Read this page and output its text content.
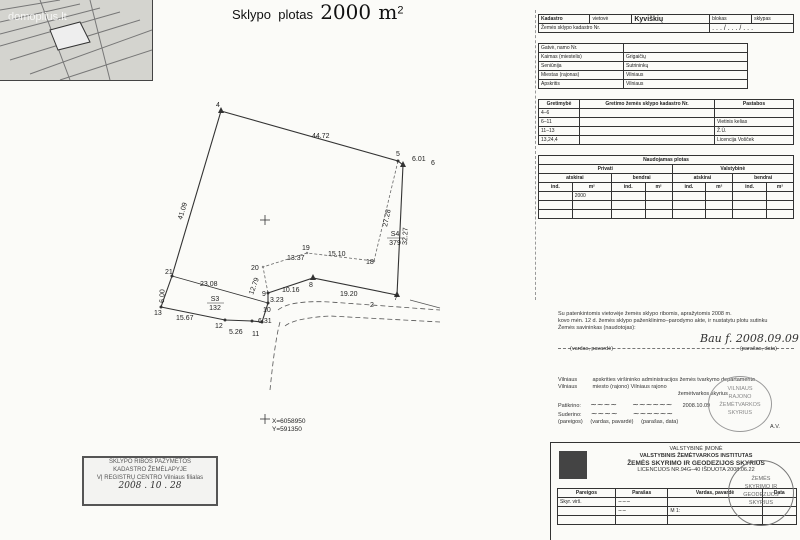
Sklypo plotas 2000 $m^2$
domoplius.lt
4
5
6
7
8
9
10
11
12
13
18
19
20
21
2
44.72
41.09
6.01
32.27
27.28
15.10
13.37
19.20
10.16
3.23
6.31
5.26
15.67
6.00
23.08	12.79
S3
132
S4
379
X=6058950
Y=591350
SKLYPO RIBOS PAŽYMĖTOS
KADASTRO ŽEMĖLAPYJE
VĮ REGISTRŲ CENTRO Vilniaus filialas
2008 . 10 . 28
Kadastro	vietovė	Kyviškių	blokas	sklypas
Žemės sklypo kadastro Nr.			. . . / . . . / . . .	
Gatvė, namo Nr.	
Kaimas (miestelis)	Grigaičių
Seniūnija	Sutrininkų
Miestas (rajonas)	Vilniaus
Apskritis	Vilniaus
Gretimybė	Gretimo žemės sklypo kadastro Nr.	Pastabos
4–6		
6–11		Vietinis kelias
11–13		Ž.Ū.
13,24,4		Licencija Vošček
Naudojamas plotas							
Privati				Valstybinė			
atskirai		bendrai		atskirai		bendrai	
ind.	m²	ind.	m²	ind.	m²	ind.	m²
	2000						

Su patenkintomis vietovėje žemės sklypo ribomis, apražytomis 2008 m.
kovo mėn. 12 d. žemės sklypo paženklinimo–parodymo akte, ir nustatytu plotu sutinku
Žemės savininkas (naudotojas):
Bau f. 2008.09.09
(vardas, pavardė)	(parašas, data)
Vilniaus	apskrities viršininko administracijos žemės tvarkymo departamento
Vilniaus	miesto (rajono) Vilniaus rajono
žemėtvarkos skyrius
Patikrino:    ~~~~      ~~~~~~    2008.10.09
Suderino:    ~~~~      ~~~~~~
(pareigos) (vardas, pavardė) (parašas, data)
VILNIAUS
RAJONO
ŽEMĖTVARKOS
SKYRIUS
A.V.
VALSTYBINĖ ĮMONĖ
VALSTYBINIS ŽEMĖTVARKOS INSTITUTAS
ŽEMĖS SKYRIMO IR GEODEZIJOS SKYRIUS
LICENCIJOS NR.94G–40 IŠDUOTA 2008.06.22
Pareigos	Parašas	Vardas, pavardė	Data
Skyr. virš.	~~~		
	~~	M 1:	

ŽEMĖS
SKYRIMO IR
GEODEZIJOS
SKYRIUS
